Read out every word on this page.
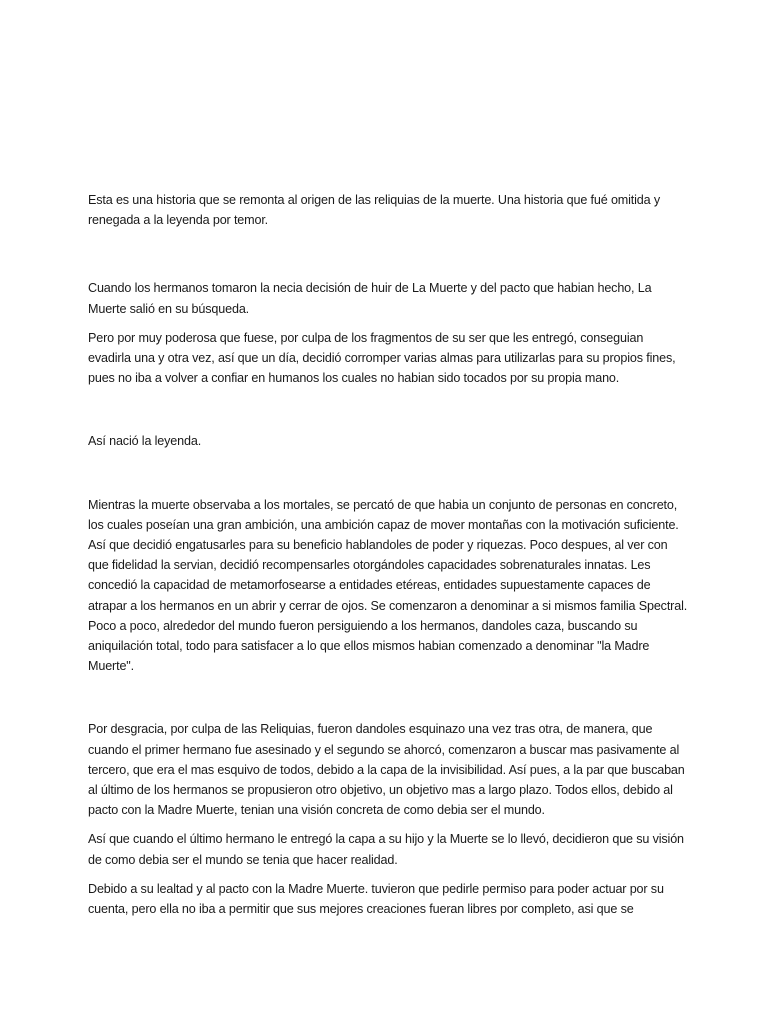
Esta es una historia que se remonta al origen de las reliquias de la muerte. Una historia que fué omitida y renegada a la leyenda por temor.

Cuando los hermanos tomaron la necia decisión de huir de La Muerte y del pacto que habian hecho, La Muerte salió en su búsqueda.

Pero por muy poderosa que fuese, por culpa de los fragmentos de su ser que les entregó, conseguian evadirla una y otra vez, así que un día, decidió corromper varias almas para utilizarlas para su propios fines, pues no iba a volver a confiar en humanos los cuales no habian sido tocados por su propia mano.

Así nació la leyenda.

Mientras la muerte observaba a los mortales, se percató de que habia un conjunto de personas en concreto, los cuales poseían una gran ambición, una ambición capaz de mover montañas con la motivación suficiente. Así que decidió engatusarles para su beneficio hablandoles de poder y riquezas. Poco despues, al ver con que fidelidad la servian, decidió recompensarles otorgándoles capacidades sobrenaturales innatas. Les concedió la capacidad de metamorfosearse a entidades etéreas, entidades supuestamente capaces de atrapar a los hermanos en un abrir y cerrar de ojos. Se comenzaron a denominar a si mismos familia Spectral. Poco a poco, alrededor del mundo fueron persiguiendo a los hermanos, dandoles caza, buscando su aniquilación total, todo para satisfacer a lo que ellos mismos habian comenzado a denominar "la Madre Muerte".

Por desgracia, por culpa de las Reliquias, fueron dandoles esquinazo una vez tras otra, de manera, que cuando el primer hermano fue asesinado y el segundo se ahorcó, comenzaron a buscar mas pasivamente al tercero, que era el mas esquivo de todos, debido a la capa de la invisibilidad. Así pues, a la par que buscaban al último de los hermanos se propusieron otro objetivo, un objetivo mas a largo plazo. Todos ellos, debido al pacto con la Madre Muerte, tenian una visión concreta de como debia ser el mundo.

Así que cuando el último hermano le entregó la capa a su hijo y la Muerte se lo llevó, decidieron que su visión de como debia ser el mundo se tenia que hacer realidad.

Debido a su lealtad y al pacto con la Madre Muerte. tuvieron que pedirle permiso para poder actuar por su cuenta, pero ella no iba a permitir que sus mejores creaciones fueran libres por completo, asi que se
